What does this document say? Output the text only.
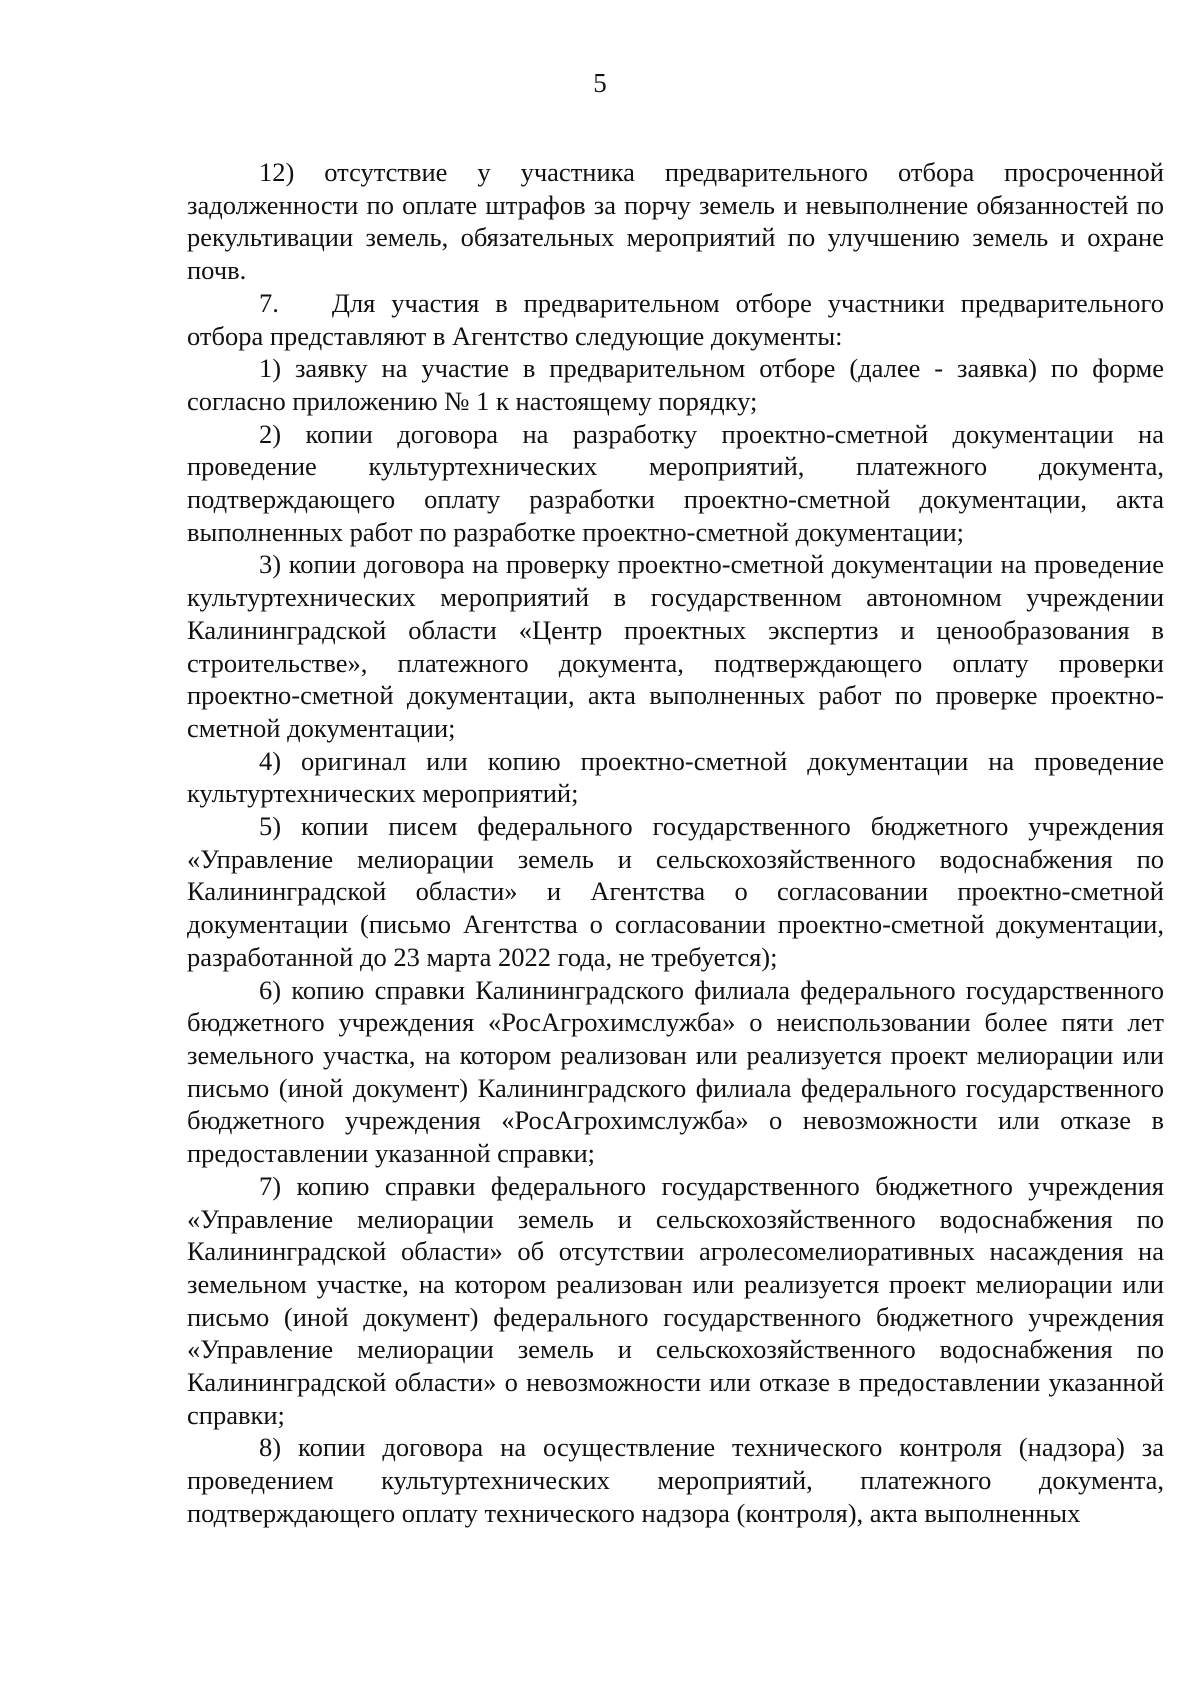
5

12) отсутствие у участника предварительного отбора просроченной задолженности по оплате штрафов за порчу земель и невыполнение обязанностей по рекультивации земель, обязательных мероприятий по улучшению земель и охране почв.

7.  Для участия в предварительном отборе участники предварительного отбора представляют в Агентство следующие документы:

1) заявку на участие в предварительном отборе (далее - заявка) по форме согласно приложению № 1 к настоящему порядку;

2) копии договора на разработку проектно-сметной документации на проведение культуртехнических мероприятий, платежного документа, подтверждающего оплату разработки проектно-сметной документации, акта выполненных работ по разработке проектно-сметной документации;

3) копии договора на проверку проектно-сметной документации на проведение культуртехнических мероприятий в государственном автономном учреждении Калининградской области «Центр проектных экспертиз и ценообразования в строительстве», платежного документа, подтверждающего оплату проверки проектно-сметной документации, акта выполненных работ по проверке проектно-сметной документации;

4) оригинал или копию проектно-сметной документации на проведение культуртехнических мероприятий;

5) копии писем федерального государственного бюджетного учреждения «Управление мелиорации земель и сельскохозяйственного водоснабжения по Калининградской области» и Агентства о согласовании проектно-сметной документации (письмо Агентства о согласовании проектно-сметной документации, разработанной до 23 марта 2022 года, не требуется);

6) копию справки Калининградского филиала федерального государственного бюджетного учреждения «РосАгрохимслужба» о неиспользовании более пяти лет земельного участка, на котором реализован или реализуется проект мелиорации или письмо (иной документ) Калининградского филиала федерального государственного бюджетного учреждения «РосАгрохимслужба» о невозможности или отказе в предоставлении указанной справки;

7) копию справки федерального государственного бюджетного учреждения «Управление мелиорации земель и сельскохозяйственного водоснабжения по Калининградской области» об отсутствии агролесомелиоративных насаждения на земельном участке, на котором реализован или реализуется проект мелиорации или письмо (иной документ) федерального государственного бюджетного учреждения «Управление мелиорации земель и сельскохозяйственного водоснабжения по Калининградской области» о невозможности или отказе в предоставлении указанной справки;

8) копии договора на осуществление технического контроля (надзора) за проведением культуртехнических мероприятий, платежного документа, подтверждающего оплату технического надзора (контроля), акта выполненных
